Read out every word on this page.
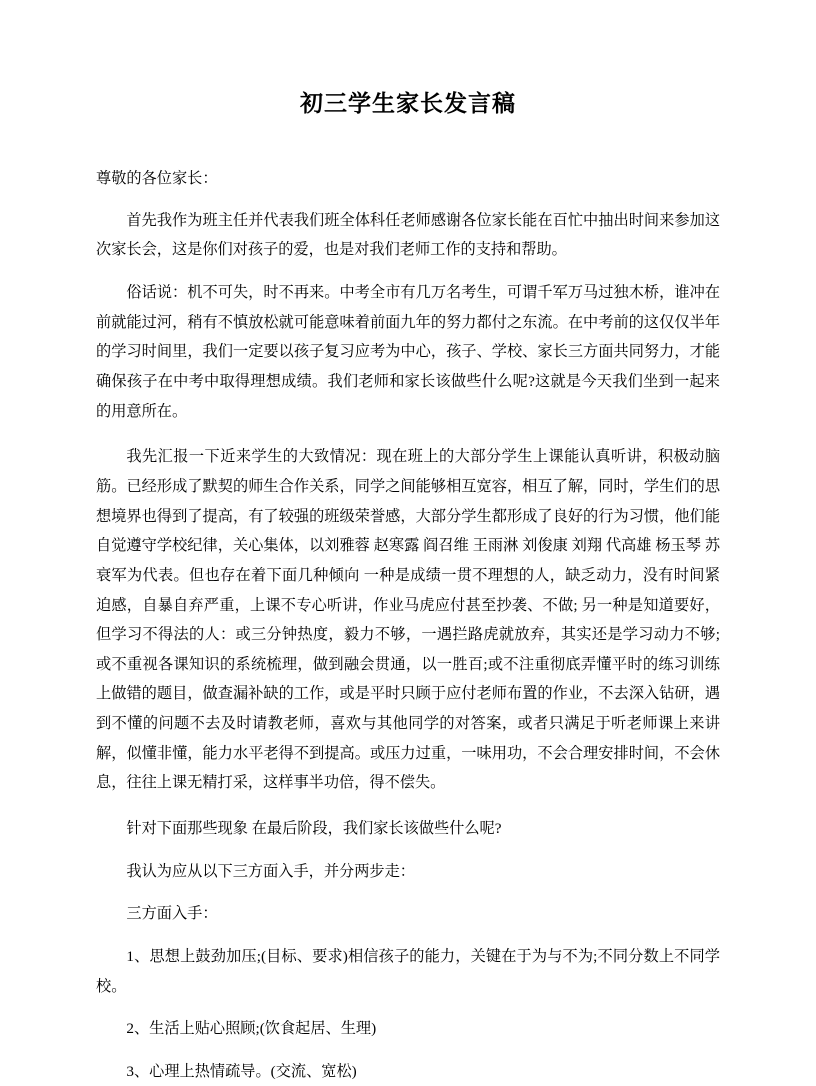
初三学生家长发言稿

尊敬的各位家长：

首先我作为班主任并代表我们班全体科任老师感谢各位家长能在百忙中抽出时间来参加这次家长会，这是你们对孩子的爱，也是对我们老师工作的支持和帮助。

俗话说：机不可失，时不再来。中考全市有几万名考生，可谓千军万马过独木桥，谁冲在前就能过河，稍有不慎放松就可能意味着前面九年的努力都付之东流。在中考前的这仅仅半年的学习时间里，我们一定要以孩子复习应考为中心，孩子、学校、家长三方面共同努力，才能确保孩子在中考中取得理想成绩。我们老师和家长该做些什么呢?这就是今天我们坐到一起来的用意所在。

我先汇报一下近来学生的大致情况：现在班上的大部分学生上课能认真听讲，积极动脑筋。已经形成了默契的师生合作关系，同学之间能够相互宽容，相互了解，同时，学生们的思想境界也得到了提高，有了较强的班级荣誉感，大部分学生都形成了良好的行为习惯，他们能自觉遵守学校纪律，关心集体，以刘雅蓉 赵寒露 阎召维 王雨淋 刘俊康 刘翔 代高雄 杨玉琴 苏衰军为代表。但也存在着下面几种倾向 一种是成绩一贯不理想的人，缺乏动力，没有时间紧迫感，自暴自弃严重，上课不专心听讲，作业马虎应付甚至抄袭、不做; 另一种是知道要好，但学习不得法的人：或三分钟热度，毅力不够，一遇拦路虎就放弃，其实还是学习动力不够;或不重视各课知识的系统梳理，做到融会贯通，以一胜百;或不注重彻底弄懂平时的练习训练上做错的题目，做查漏补缺的工作，或是平时只顾于应付老师布置的作业，不去深入钻研，遇到不懂的问题不去及时请教老师，喜欢与其他同学的对答案，或者只满足于听老师课上来讲解，似懂非懂，能力水平老得不到提高。或压力过重，一味用功，不会合理安排时间，不会休息，往往上课无精打采，这样事半功倍，得不偿失。

针对下面那些现象 在最后阶段，我们家长该做些什么呢?

我认为应从以下三方面入手，并分两步走：

三方面入手：

1、思想上鼓劲加压;(目标、要求)相信孩子的能力，关键在于为与不为;不同分数上不同学校。

2、生活上贴心照顾;(饮食起居、生理)

3、心理上热情疏导。(交流、宽松)
